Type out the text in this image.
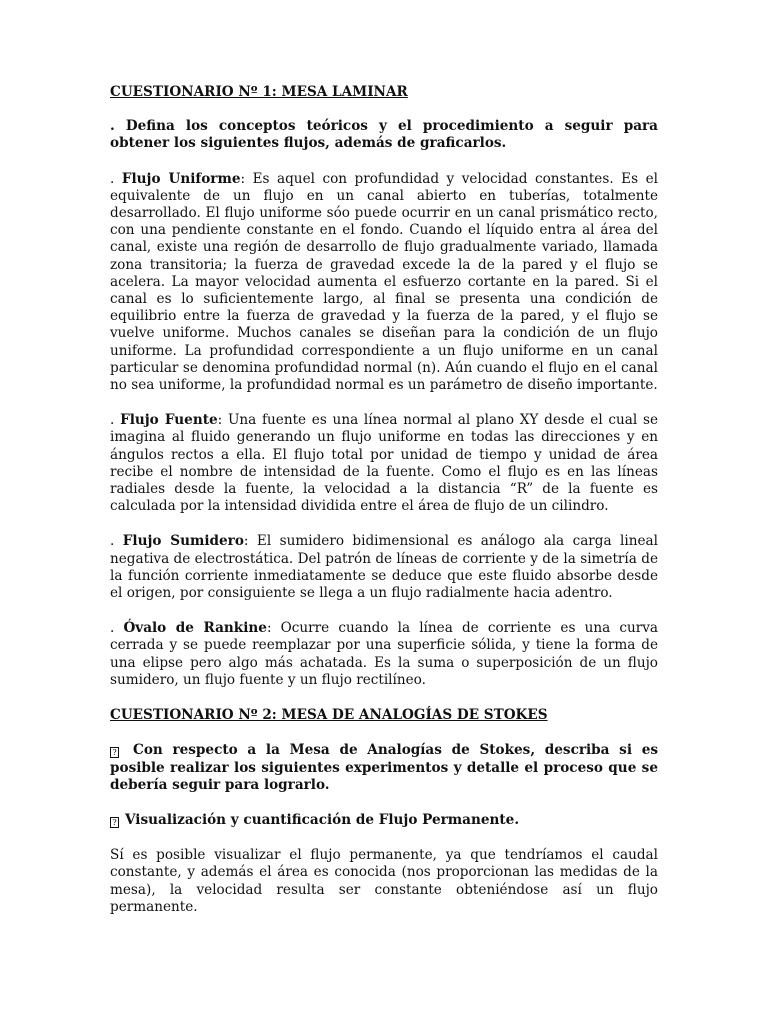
CUESTIONARIO Nº 1: MESA LAMINAR

. Defina los conceptos teóricos y el procedimiento a seguir para obtener los siguientes flujos, además de graficarlos.

. Flujo Uniforme: Es aquel con profundidad y velocidad constantes. Es el equivalente de un flujo en un canal abierto en tuberías, totalmente desarrollado. El flujo uniforme sóo puede ocurrir en un canal prismático recto, con una pendiente constante en el fondo. Cuando el líquido entra al área del canal, existe una región de desarrollo de flujo gradualmente variado, llamada zona transitoria; la fuerza de gravedad excede la de la pared y el flujo se acelera. La mayor velocidad aumenta el esfuerzo cortante en la pared. Si el canal es lo suficientemente largo, al final se presenta una condición de equilibrio entre la fuerza de gravedad y la fuerza de la pared, y el flujo se vuelve uniforme. Muchos canales se diseñan para la condición de un flujo uniforme. La profundidad correspondiente a un flujo uniforme en un canal particular se denomina profundidad normal (n). Aún cuando el flujo en el canal no sea uniforme, la profundidad normal es un parámetro de diseño importante.

. Flujo Fuente: Una fuente es una línea normal al plano XY desde el cual se imagina al fluido generando un flujo uniforme en todas las direcciones y en ángulos rectos a ella. El flujo total por unidad de tiempo y unidad de área recibe el nombre de intensidad de la fuente. Como el flujo es en las líneas radiales desde la fuente, la velocidad a la distancia “R” de la fuente es calculada por la intensidad dividida entre el área de flujo de un cilindro.

. Flujo Sumidero: El sumidero bidimensional es análogo ala carga lineal negativa de electrostática. Del patrón de líneas de corriente y de la simetría de la función corriente inmediatamente se deduce que este fluido absorbe desde el origen, por consiguiente se llega a un flujo radialmente hacia adentro.

. Óvalo de Rankine: Ocurre cuando la línea de corriente es una curva cerrada y se puede reemplazar por una superficie sólida, y tiene la forma de una elipse pero algo más achatada. Es la suma o superposición de un flujo sumidero, un flujo fuente y un flujo rectilíneo.

CUESTIONARIO Nº 2: MESA DE ANALOGÍAS DE STOKES

? Con respecto a la Mesa de Analogías de Stokes, describa si es posible realizar los siguientes experimentos y detalle el proceso que se debería seguir para lograrlo.

? Visualización y cuantificación de Flujo Permanente.

Sí es posible visualizar el flujo permanente, ya que tendríamos el caudal constante, y además el área es conocida (nos proporcionan las medidas de la mesa), la velocidad resulta ser constante obteniéndose así un flujo permanente.
